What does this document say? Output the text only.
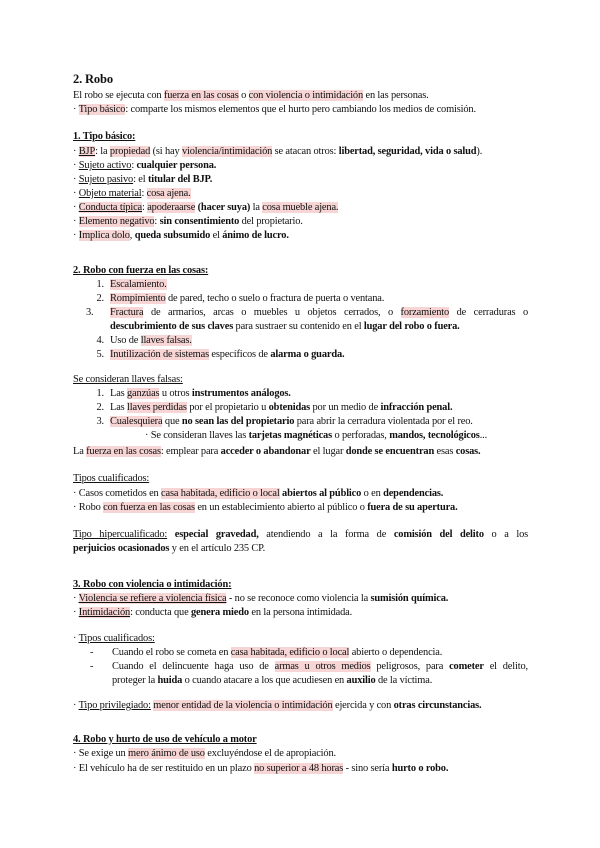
2. Robo
El robo se ejecuta con fuerza en las cosas o con violencia o intimidación en las personas.
· Tipo básico: comparte los mismos elementos que el hurto pero cambiando los medios de comisión.
1. Tipo básico:
· BJP: la propiedad (si hay violencia/intimidación se atacan otros: libertad, seguridad, vida o salud).
· Sujeto activo: cualquier persona.
· Sujeto pasivo: el titular del BJP.
· Objeto material: cosa ajena.
· Conducta típica: apoderaarse (hacer suya) la cosa mueble ajena.
· Elemento negativo: sin consentimiento del propietario.
· Implica dolo, queda subsumido el ánimo de lucro.
2. Robo con fuerza en las cosas:
1. Escalamiento.
2. Rompimiento de pared, techo o suelo o fractura de puerta o ventana.
3. Fractura de armarios, arcas o muebles u objetos cerrados, o forzamiento de cerraduras o
descubrimiento de sus claves para sustraer su contenido en el lugar del robo o fuera.
4. Uso de llaves falsas.
5. Inutilización de sistemas específicos de alarma o guarda.
Se consideran llaves falsas:
1. Las ganzúas u otros instrumentos análogos.
2. Las llaves perdidas por el propietario u obtenidas por un medio de infracción penal.
3. Cualesquiera que no sean las del propietario para abrir la cerradura violentada por el reo.
· Se consideran llaves las tarjetas magnéticas o perforadas, mandos, tecnológicos...
La fuerza en las cosas: emplear para acceder o abandonar el lugar donde se encuentran esas cosas.
Tipos cualificados:
· Casos cometidos en casa habitada, edificio o local abiertos al público o en dependencias.
· Robo con fuerza en las cosas en un establecimiento abierto al público o fuera de su apertura.
Tipo hipercualificado: especial gravedad, atendiendo a la forma de comisión del delito o a los
perjuicios ocasionados y en el artículo 235 CP.
3. Robo con violencia o intimidación:
· Violencia se refiere a violencia física - no se reconoce como violencia la sumisión química.
· Intimidación: conducta que genera miedo en la persona intimidada.
· Tipos cualificados:
- Cuando el robo se cometa en casa habitada, edificio o local abierto o dependencia.
- Cuando el delincuente haga uso de armas u otros medios peligrosos, para cometer el delito,
proteger la huida o cuando atacare a los que acudiesen en auxilio de la víctima.
· Tipo privilegiado: menor entidad de la violencia o intimidación ejercida y con otras circunstancias.
4. Robo y hurto de uso de vehículo a motor
· Se exige un mero ánimo de uso excluyéndose el de apropiación.
· El vehículo ha de ser restituido en un plazo no superior a 48 horas - sino sería hurto o robo.
